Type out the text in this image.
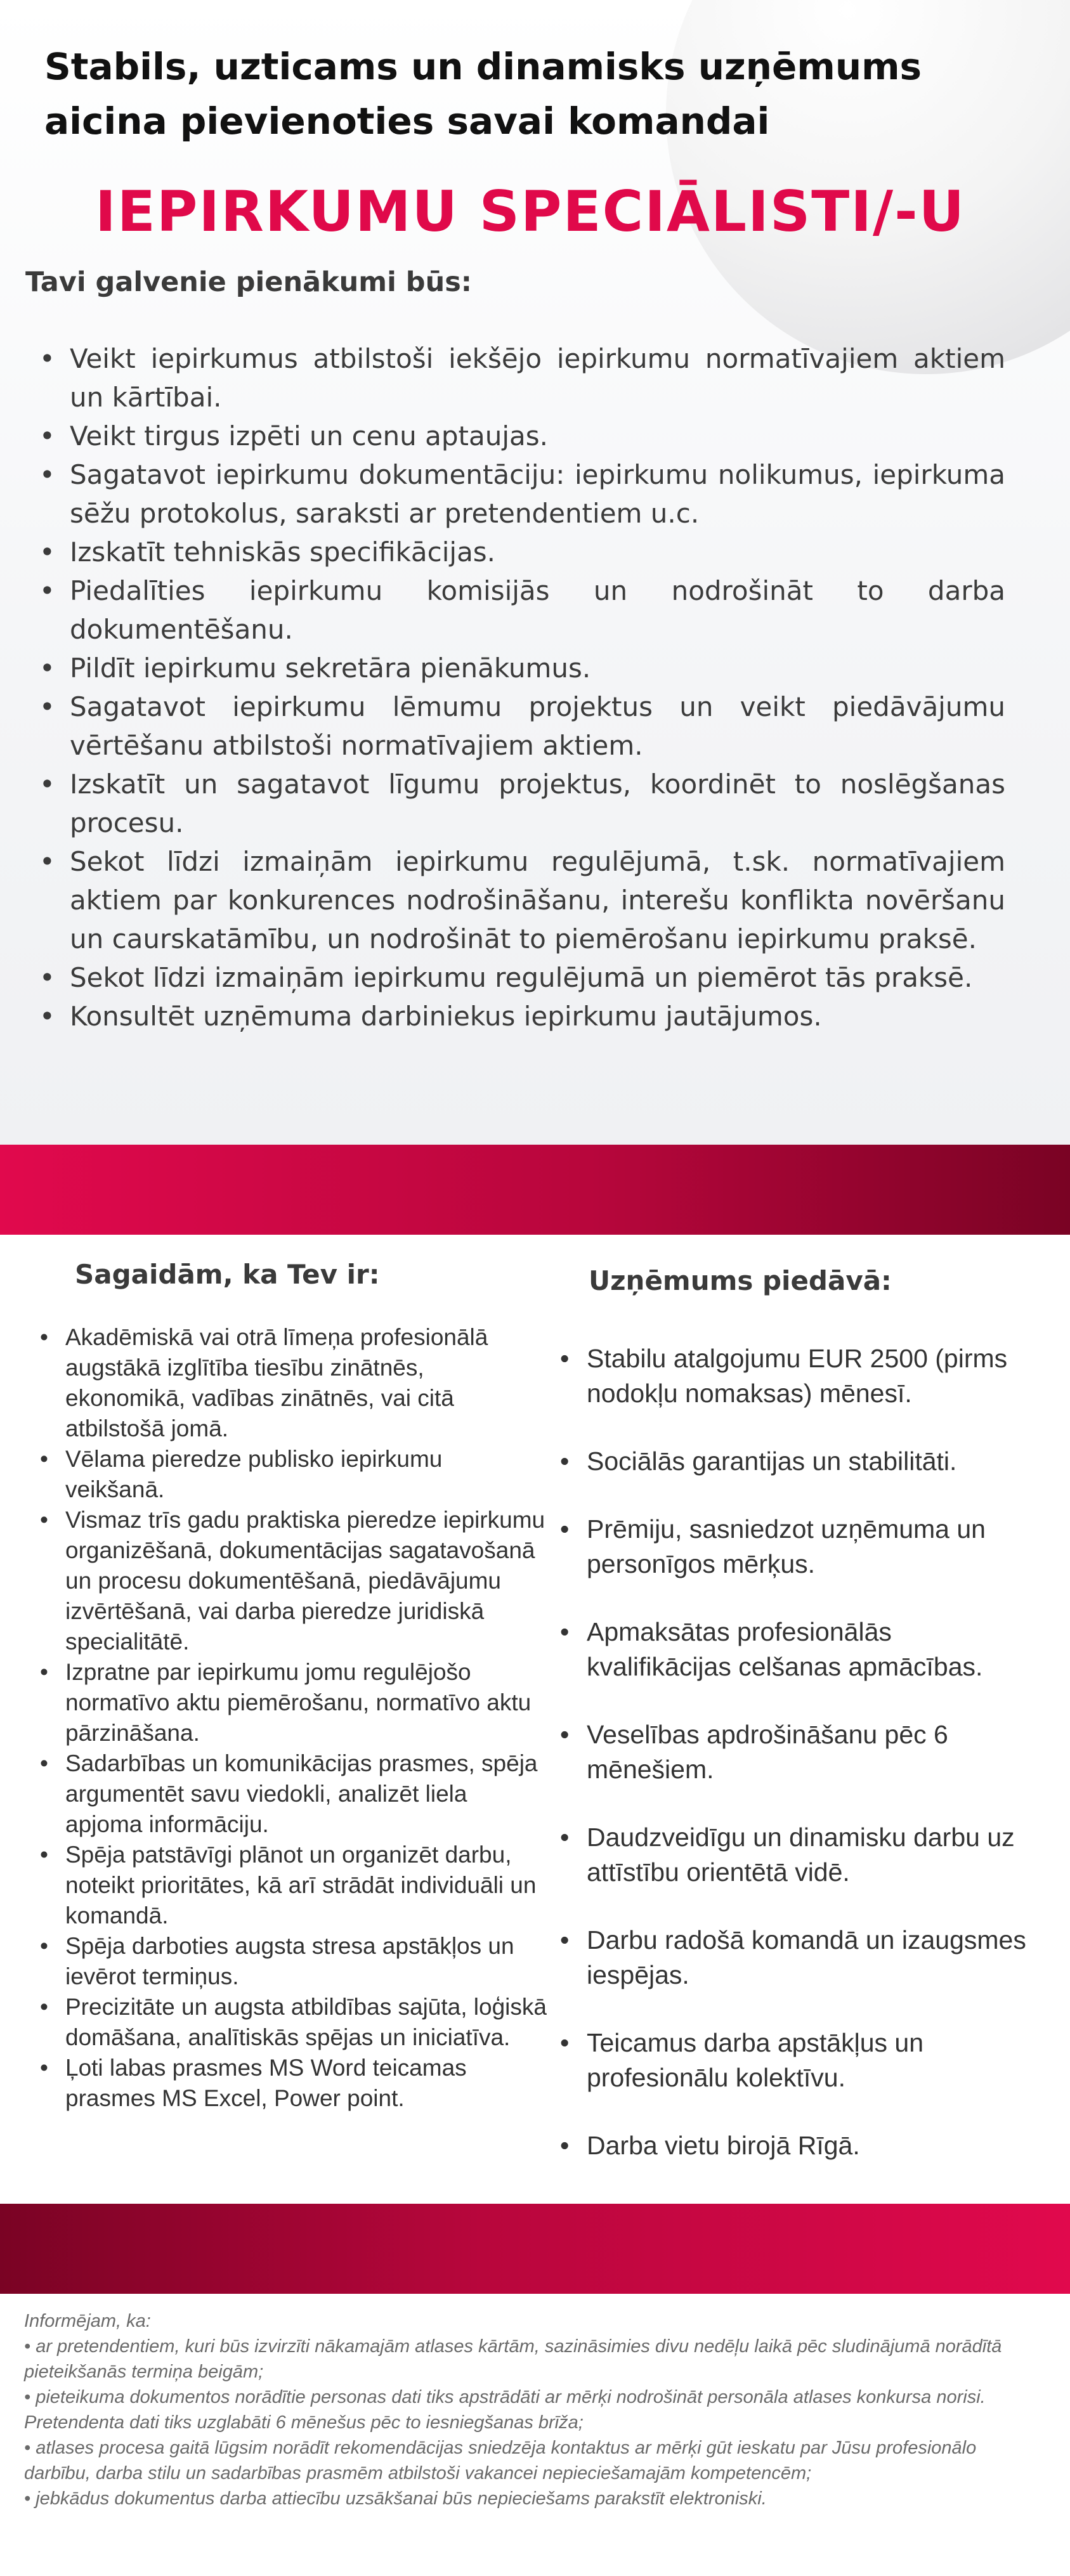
Stabils, uzticams un dinamisks uzņēmums aicina pievienoties savai komandai
IEPIRKUMU SPECIĀLISTI/-U
Tavi galvenie pienākumi būs:
• Veikt iepirkumus atbilstoši iekšējo iepirkumu normatīvajiem aktiem un kārtībai.
• Veikt tirgus izpēti un cenu aptaujas.
• Sagatavot iepirkumu dokumentāciju: iepirkumu nolikumus, iepirkuma sēžu protokolus, saraksti ar pretendentiem u.c.
• Izskatīt tehniskās specifikācijas.
• Piedalīties iepirkumu komisijās un nodrošināt to darba dokumentēšanu.
• Pildīt iepirkumu sekretāra pienākumus.
• Sagatavot iepirkumu lēmumu projektus un veikt piedāvājumu vērtēšanu atbilstoši normatīvajiem aktiem.
• Izskatīt un sagatavot līgumu projektus, koordinēt to noslēgšanas procesu.
• Sekot līdzi izmaiņām iepirkumu regulējumā, t.sk. normatīvajiem aktiem par konkurences nodrošināšanu, interešu konflikta novēršanu un caurskatāmību, un nodrošināt to piemērošanu iepirkumu praksē.
• Sekot līdzi izmaiņām iepirkumu regulējumā un piemērot tās praksē.
• Konsultēt uzņēmuma darbiniekus iepirkumu jautājumos.
Sagaidām, ka Tev ir:
• Akadēmiskā vai otrā līmeņa profesionālā augstākā izglītība tiesību zinātnēs, ekonomikā, vadības zinātnēs, vai citā atbilstošā jomā.
• Vēlama pieredze publisko iepirkumu veikšanā.
• Vismaz trīs gadu praktiska pieredze iepirkumu organizēšanā, dokumentācijas sagatavošanā un procesu dokumentēšanā, piedāvājumu izvērtēšanā, vai darba pieredze juridiskā specialitātē.
• Izpratne par iepirkumu jomu regulējošo normatīvo aktu piemērošanu, normatīvo aktu pārzināšana.
• Sadarbības un komunikācijas prasmes, spēja argumentēt savu viedokli, analizēt liela apjoma informāciju.
• Spēja patstāvīgi plānot un organizēt darbu, noteikt prioritātes, kā arī strādāt individuāli un komandā.
• Spēja darboties augsta stresa apstākļos un ievērot termiņus.
• Precizitāte un augsta atbildības sajūta, loģiskā domāšana, analītiskās spējas un iniciatīva.
• Ļoti labas prasmes MS Word teicamas prasmes MS Excel, Power point.
Uzņēmums piedāvā:
• Stabilu atalgojumu EUR 2500 (pirms nodokļu nomaksas) mēnesī.
• Sociālās garantijas un stabilitāti.
• Prēmiju, sasniedzot uzņēmuma un personīgos mērķus.
• Apmaksātas profesionālās kvalifikācijas celšanas apmācības.
• Veselības apdrošināšanu pēc 6 mēnešiem.
• Daudzveidīgu un dinamisku darbu uz attīstību orientētā vidē.
• Darbu radošā komandā un izaugsmes iespējas.
• Teicamus darba apstākļus un profesionālu kolektīvu.
• Darba vietu birojā Rīgā.
Informējam, ka:
• ar pretendentiem, kuri būs izvirzīti nākamajām atlases kārtām, sazināsimies divu nedēļu laikā pēc sludinājumā norādītā pieteikšanās termiņa beigām;
• pieteikuma dokumentos norādītie personas dati tiks apstrādāti ar mērķi nodrošināt personāla atlases konkursa norisi. Pretendenta dati tiks uzglabāti 6 mēnešus pēc to iesniegšanas brīža;
• atlases procesa gaitā lūgsim norādīt rekomendācijas sniedzēja kontaktus ar mērķi gūt ieskatu par Jūsu profesionālo darbību, darba stilu un sadarbības prasmēm atbilstoši vakancei nepieciešamajām kompetencēm;
• jebkādus dokumentus darba attiecību uzsākšanai būs nepieciešams parakstīt elektroniski.
